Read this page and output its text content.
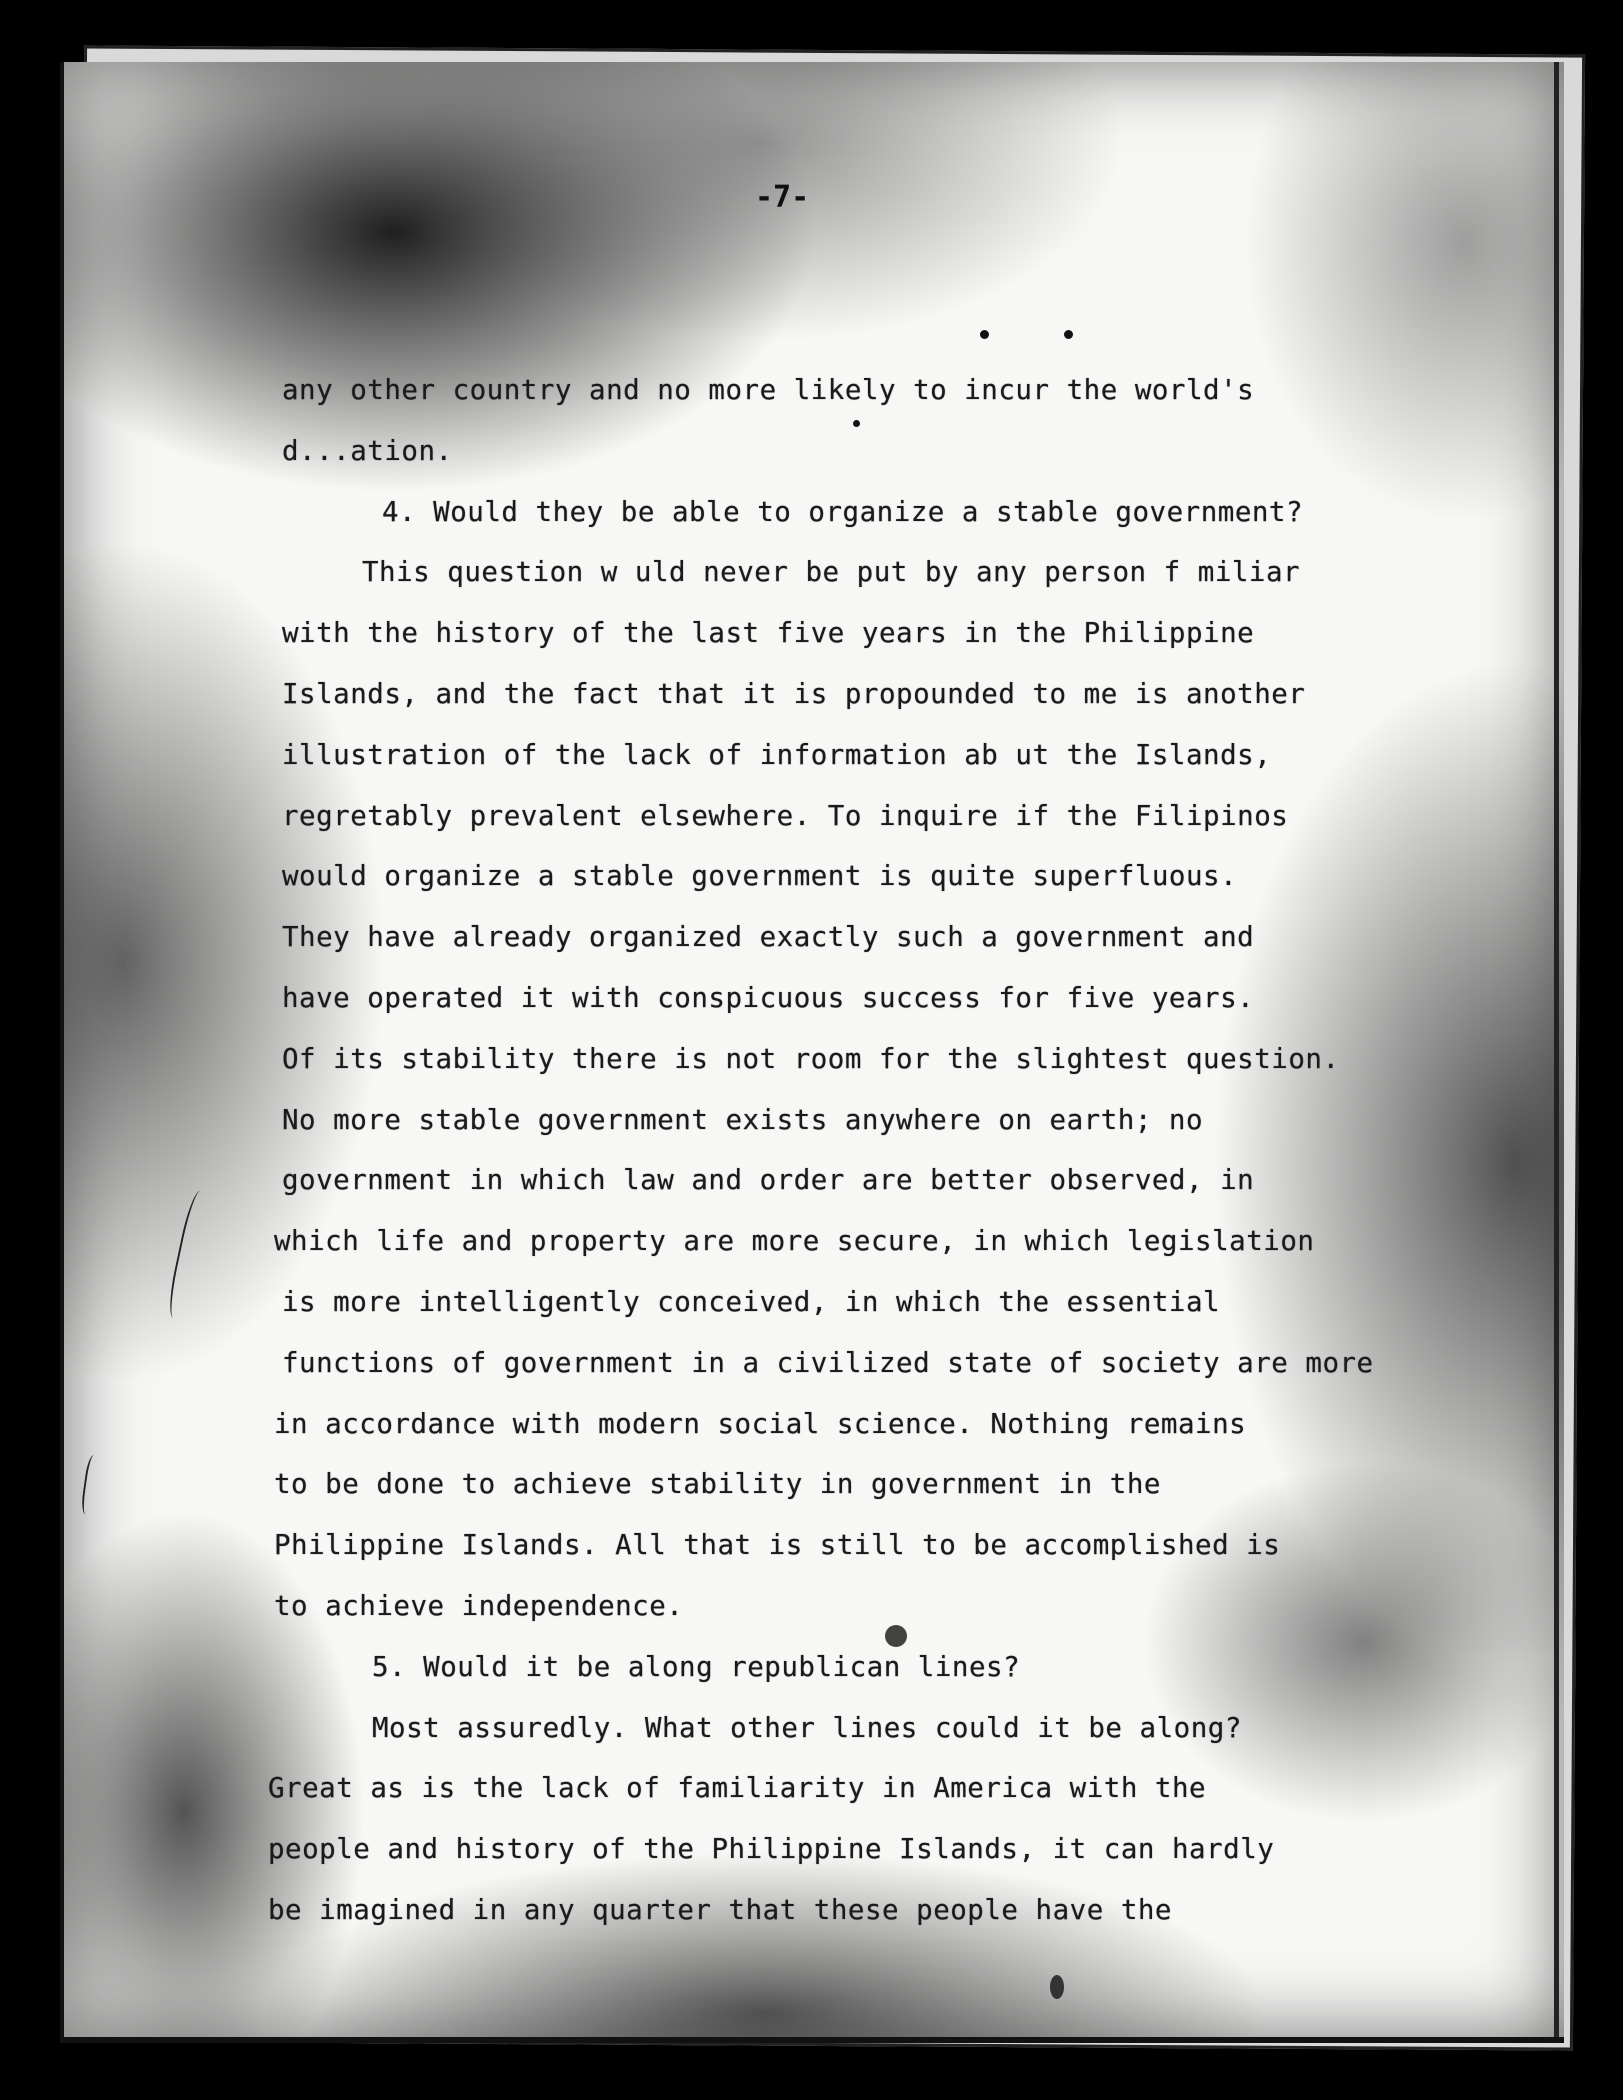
-7-
any other country and no more likely to incur the world's
d...ation.
4. Would they be able to organize a stable government?
This question w uld never be put by any person f miliar
with the history of the last five years in the Philippine
Islands, and the fact that it is propounded to me is another
illustration of the lack of information ab ut the Islands,
regretably prevalent elsewhere. To inquire if the Filipinos
would organize a stable government is quite superfluous.
They have already organized exactly such a government and
have operated it with conspicuous success for five years.
Of its stability there is not room for the slightest question.
No more stable government exists anywhere on earth; no
government in which law and order are better observed, in
which life and property are more secure, in which legislation
is more intelligently conceived, in which the essential
functions of government in a civilized state of society are more
in accordance with modern social science. Nothing remains
to be done to achieve stability in government in the
Philippine Islands. All that is still to be accomplished is
to achieve independence.
5. Would it be along republican lines?
Most assuredly. What other lines could it be along?
Great as is the lack of familiarity in America with the
people and history of the Philippine Islands, it can hardly
be imagined in any quarter that these people have the
